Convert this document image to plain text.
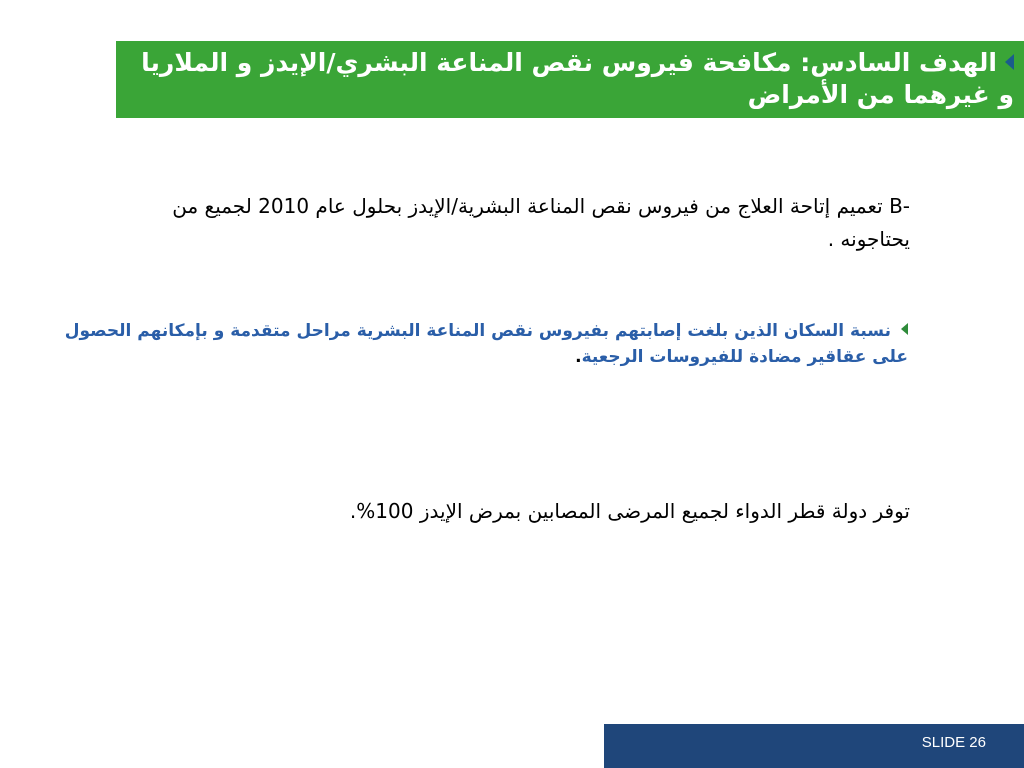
الهدف السادس: مكافحة فيروس نقص المناعة البشري/الإيدز و الملاريا و غيرهما من الأمراض
B- تعميم إتاحة العلاج من فيروس نقص المناعة البشرية/الإيدز بحلول عام 2010 لجميع من يحتاجونه .
نسبة السكان الذين بلغت إصابتهم بفيروس نقص المناعة البشرية مراحل متقدمة و بإمكانهم الحصول على عقاقير مضادة للفيروسات الرجعية.
توفر دولة قطر الدواء لجميع المرضى المصابين بمرض الإيدز 100%.
SLIDE 26
